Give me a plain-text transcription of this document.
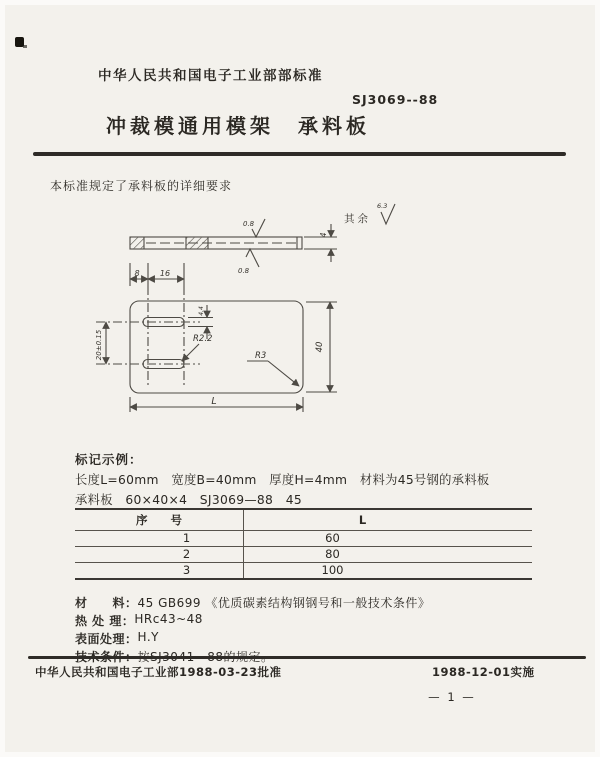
中华人民共和国电子工业部部标准
SJ3069--88
冲裁模通用模架　承料板
本标准规定了承料板的详细要求
0.8
0.8
4
8	16
20±0.15
4.4
40
L
R2.2
R3
其余
6.3
标记示例：
长度L=60mm　宽度B=40mm　厚度H=4mm　材料为45号钢的承料板
承料板　60×40×4　SJ3069—88　45
序　　号	L
1	60
2	80
3	100
材　　料： 45 GB699 《优质碳素结构钢钢号和一般技术条件》
热 处 理： HRc43~48
表面处理： H.Y
中华人民共和国电子工业部1988-03-23批准	1988-12-01实施
— 1 —
